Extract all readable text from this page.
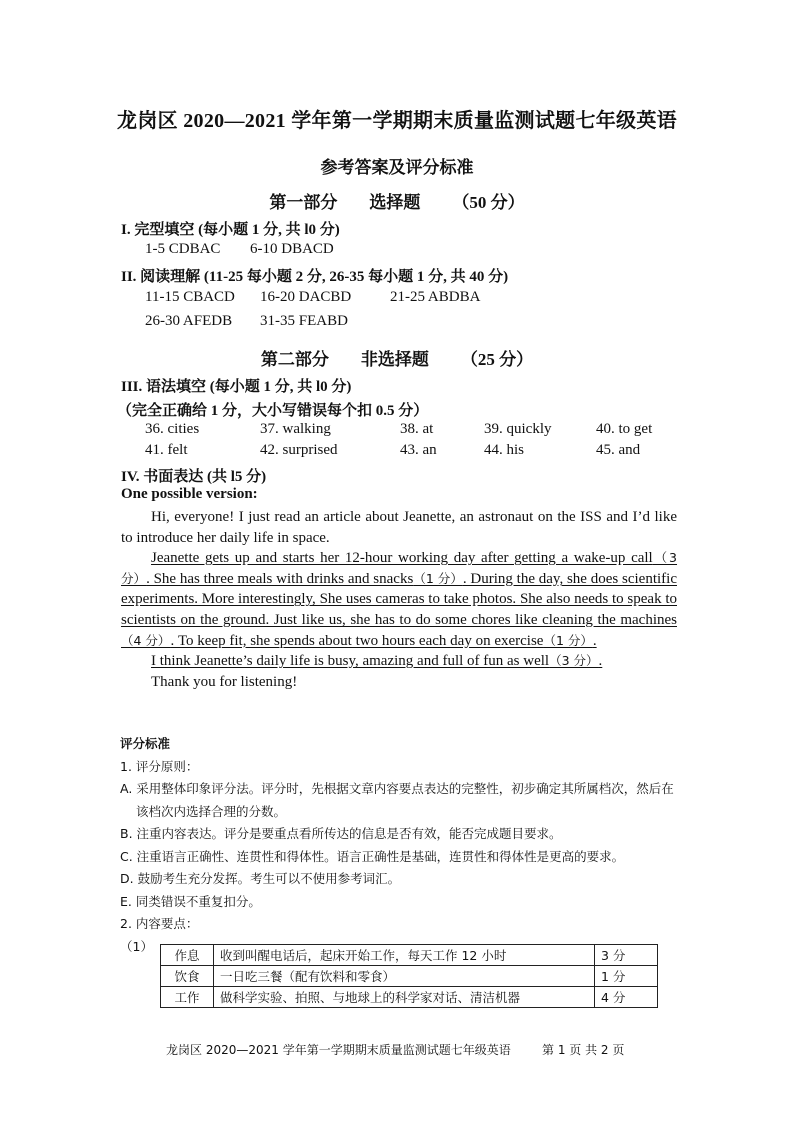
龙岗区 2020—2021 学年第一学期期末质量监测试题七年级英语
参考答案及评分标准
第一部分 选择题 （50 分）
I. 完型填空 (每小题 1 分, 共 l0 分)
1-5 CDBAC 6-10 DBACD
II. 阅读理解 (11-25 每小题 2 分, 26-35 每小题 1 分, 共 40 分)
11-15 CBACD 16-20 DACBD	21-25 ABDBA
26-30 AFEDB 31-35 FEABD
第二部分 非选择题 （25 分）
III. 语法填空 (每小题 1 分, 共 l0 分)
（完全正确给 1 分，大小写错误每个扣 0.5 分）
36. cities	37. walking	38. at	39. quickly	40. to get
41. felt	42. surprised	43. an	44. his	45. and
IV. 书面表达 (共 l5 分)
One possible version:

Hi, everyone! I just read an article about Jeanette, an astronaut on the ISS and I’d like to introduce her daily life in space.

Jeanette gets up and starts her 12-hour working day after getting a wake-up call（3 分）. She has three meals with drinks and snacks（1 分）. During the day, she does scientific experiments. More interestingly, She uses cameras to take photos. She also needs to speak to scientists on the ground. Just like us, she has to do some chores like cleaning the machines（4 分）. To keep fit, she spends about two hours each day on exercise（1 分）.

I think Jeanette’s daily life is busy, amazing and full of fun as well（3 分）.

Thank you for listening!

评分标准

1. 评分原则：

A. 采用整体印象评分法。评分时，先根据文章内容要点表达的完整性，初步确定其所属档次，然后在该档次内选择合理的分数。

B. 注重内容表达。评分是要重点看所传达的信息是否有效，能否完成题目要求。

C. 注重语言正确性、连贯性和得体性。语言正确性是基础，连贯性和得体性是更高的要求。

D. 鼓励考生充分发挥。考生可以不使用参考词汇。

E. 同类错误不重复扣分。

2. 内容要点：

（1）

作息	收到叫醒电话后，起床开始工作，每天工作 12 小时	3 分
饮食	一日吃三餐（配有饮料和零食）	1 分
工作	做科学实验、拍照、与地球上的科学家对话、清洁机器	4 分
龙岗区 2020—2021 学年第一学期期末质量监测试题七年级英语	第 1 页 共 2 页
